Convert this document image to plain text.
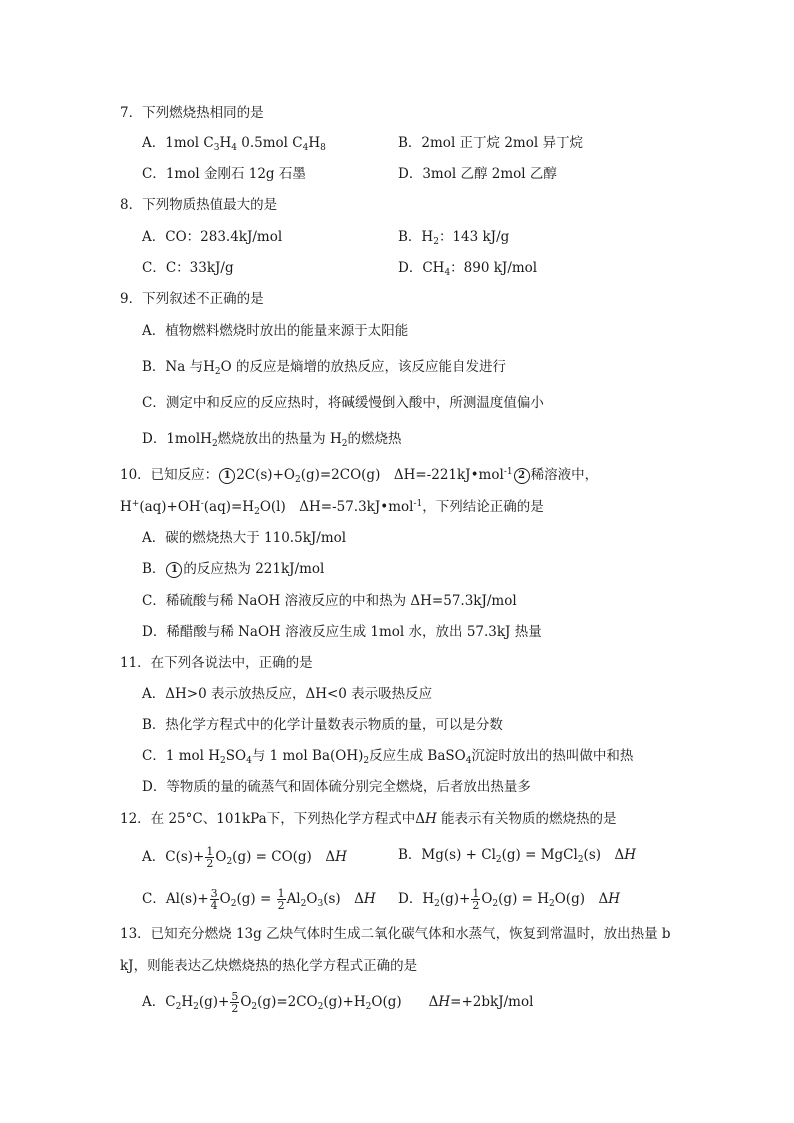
7．下列燃烧热相同的是
A．1mol $C_3H_4$ 0.5mol $C_4H_8$	B．2mol 正丁烷 2mol 异丁烷
C．1mol 金刚石 12g 石墨	D．3mol 乙醇 2mol 乙醇
8．下列物质热值最大的是
A．CO：283.4kJ/mol	B．$H_2$：143 kJ/g
C．C：33kJ/g	D．$CH_4$：890 kJ/mol
9．下列叙述不正确的是
A．植物燃料燃烧时放出的能量来源于太阳能
B．Na 与$H_2O$ 的反应是熵增的放热反应，该反应能自发进行
C．测定中和反应的反应热时，将碱缓慢倒入酸中，所测温度值偏小
D．1molH$_2$燃烧放出的热量为 $H_2$的燃烧热
10．已知反应： 1 $2C(s)+O_2(g)=2CO(g)$　ΔH=-221kJ•mol$^{-1}$ 2 稀溶液中，
$H^+(aq)+OH^-(aq)=H_2O(l)$　ΔH=-57.3kJ•mol$^{-1}$，下列结论正确的是
A．碳的燃烧热大于 110.5kJ/mol
B． 1 的反应热为 221kJ/mol
C．稀硫酸与稀 NaOH 溶液反应的中和热为 ΔH=57.3kJ/mol
D．稀醋酸与稀 NaOH 溶液反应生成 1mol 水，放出 57.3kJ 热量
11．在下列各说法中，正确的是
A．ΔH>0 表示放热反应，ΔH<0 表示吸热反应
B．热化学方程式中的化学计量数表示物质的量，可以是分数
C．1 mol $H_2SO_4$与 1 mol $Ba(OH)_2$反应生成 BaSO$_4$沉淀时放出的热叫做中和热
D．等物质的量的硫蒸气和固体硫分别完全燃烧，后者放出热量多
12．在 25°C、101kPa下，下列热化学方程式中ΔH 能表示有关物质的燃烧热的是
A．$C(s)+ \frac{1}{2} O_2(g) = CO(g)$　ΔH	B．$Mg(s) + Cl_2(g)$ = MgCl$_2$(s)　ΔH
C．$Al(s)+ \frac{3}{4} O_2(g) = \frac{1}{2} Al_2O_3(s)$　ΔH D．$H_2(g)+ \frac{1}{2} O_2(g) = H_2O(g)$　ΔH
13．已知充分燃烧 13g 乙炔气体时生成二氧化碳气体和水蒸气，恢复到常温时，放出热量 b
kJ，则能表达乙炔燃烧热的热化学方程式正确的是
A．$C_2H_2(g)+ \frac{5}{2} O_2(g)=2CO_2(g)+H_2O(g)$　　ΔH=+2bkJ/mol
